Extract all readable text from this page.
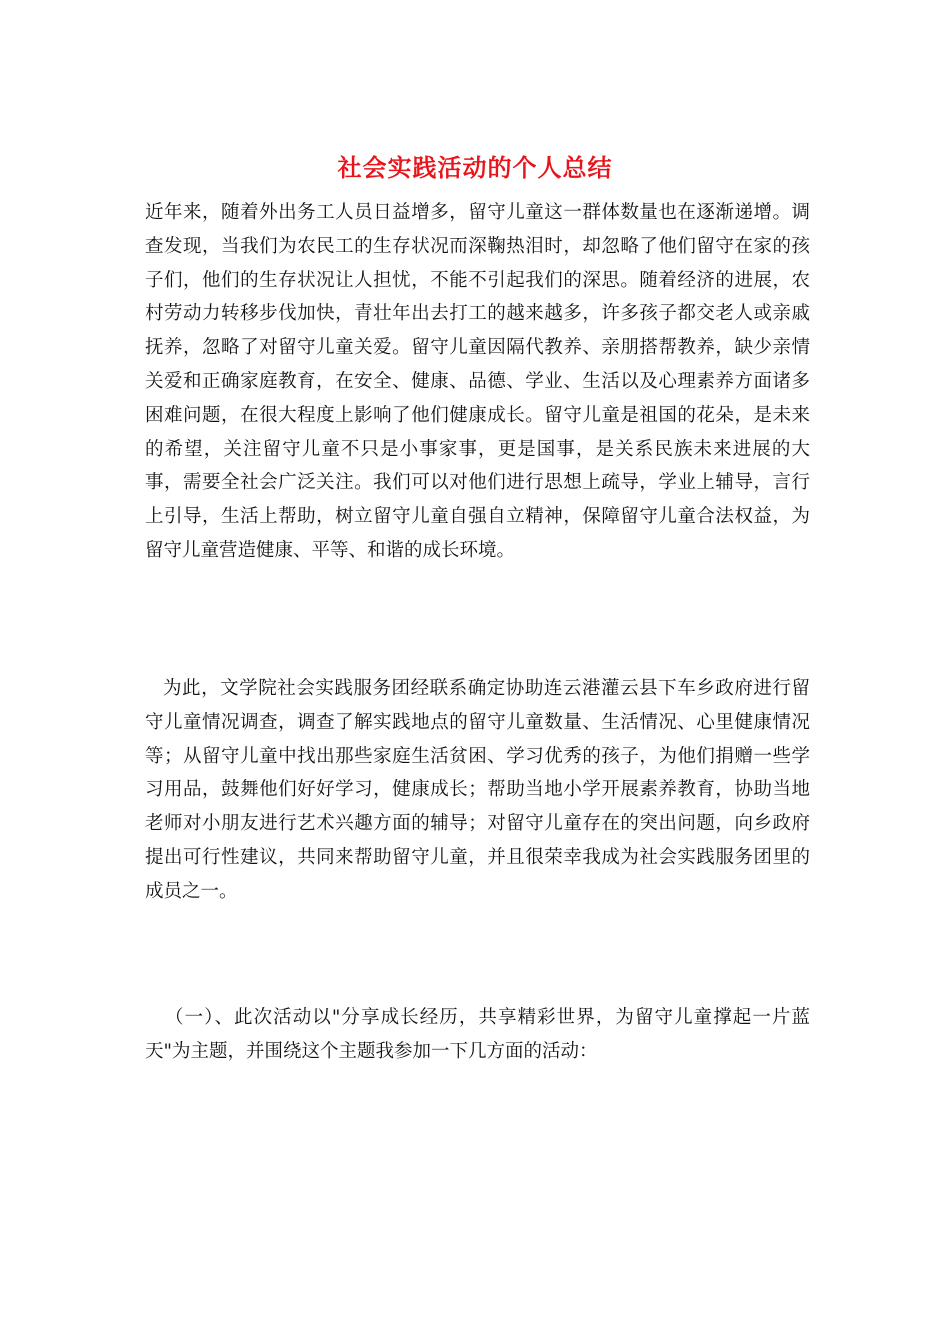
社会实践活动的个人总结

近年来，随着外出务工人员日益增多，留守儿童这一群体数量也在逐渐递增。调查发现，当我们为农民工的生存状况而深鞠热泪时，却忽略了他们留守在家的孩子们，他们的生存状况让人担忧，不能不引起我们的深思。随着经济的进展，农村劳动力转移步伐加快，青壮年出去打工的越来越多，许多孩子都交老人或亲戚抚养，忽略了对留守儿童关爱。留守儿童因隔代教养、亲朋搭帮教养，缺少亲情关爱和正确家庭教育，在安全、健康、品德、学业、生活以及心理素养方面诸多困难问题，在很大程度上影响了他们健康成长。留守儿童是祖国的花朵，是未来的希望，关注留守儿童不只是小事家事，更是国事，是关系民族未来进展的大事，需要全社会广泛关注。我们可以对他们进行思想上疏导，学业上辅导，言行上引导，生活上帮助，树立留守儿童自强自立精神，保障留守儿童合法权益，为留守儿童营造健康、平等、和谐的成长环境。

为此，文学院社会实践服务团经联系确定协助连云港灌云县下车乡政府进行留守儿童情况调查，调查了解实践地点的留守儿童数量、生活情况、心里健康情况等；从留守儿童中找出那些家庭生活贫困、学习优秀的孩子，为他们捐赠一些学习用品，鼓舞他们好好学习，健康成长；帮助当地小学开展素养教育，协助当地老师对小朋友进行艺术兴趣方面的辅导；对留守儿童存在的突出问题，向乡政府提出可行性建议，共同来帮助留守儿童，并且很荣幸我成为社会实践服务团里的成员之一。

（一）、此次活动以"分享成长经历，共享精彩世界，为留守儿童撑起一片蓝天"为主题，并围绕这个主题我参加一下几方面的活动：
